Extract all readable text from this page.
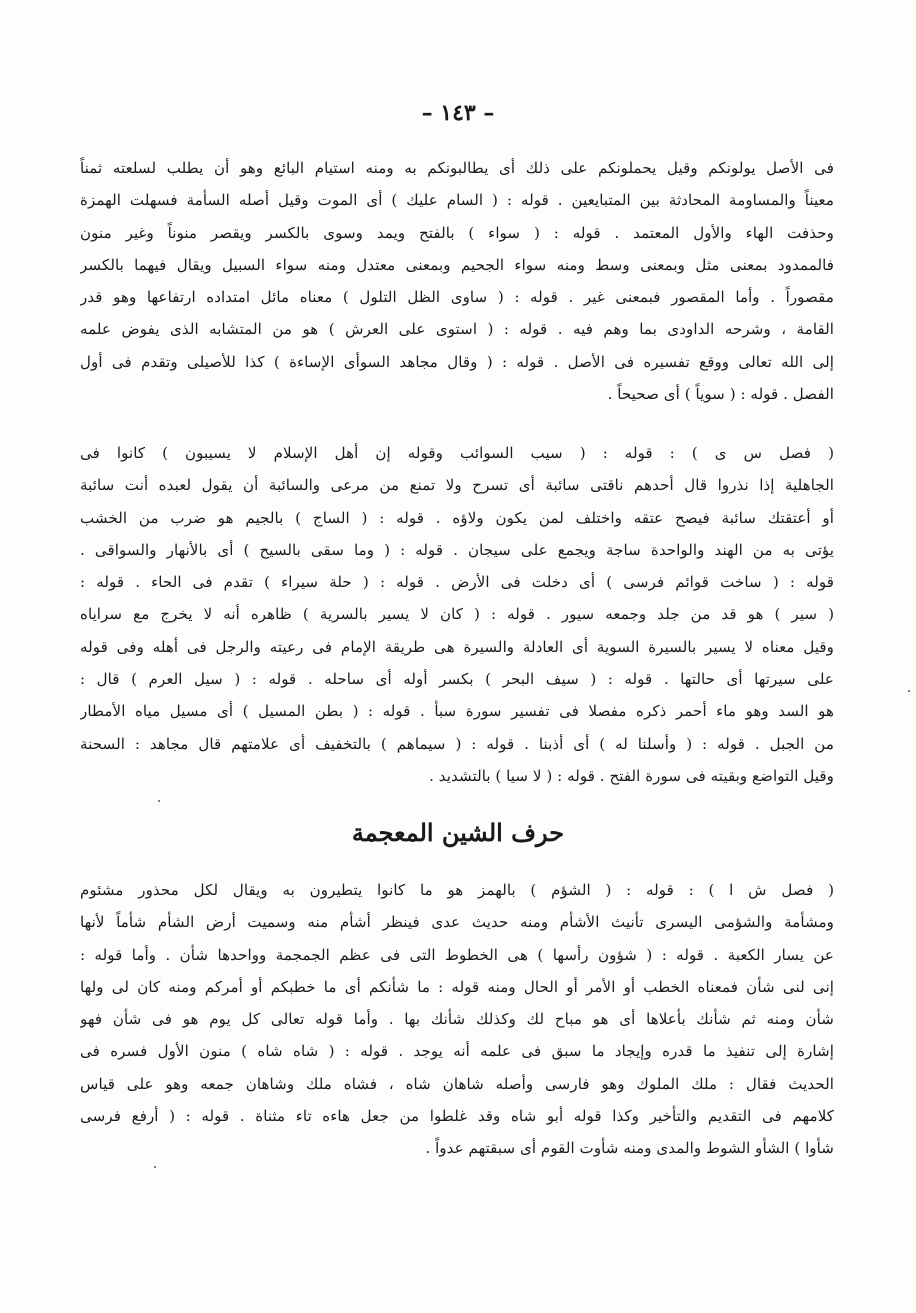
– ١٤٣ –
فى الأصل يولونكم وقيل يحملونكم على ذلك أى يطالبونكم به ومنه استيام البائع وهو أن يطلب لسلعته ثمناً
معيناً والمساومة المحادثة بين المتبايعين . قوله : ( السام عليك ) أى الموت وقيل أصله السأمة فسهلت الهمزة
وحذفت الهاء والأول المعتمد . قوله : ( سواء ) بالفتح ويمد وسوى بالكسر ويقصر منوناً وغير منون
فالممدود بمعنى مثل وبمعنى وسط ومنه سواء الجحيم وبمعنى معتدل ومنه سواء السبيل ويقال فيهما بالكسر
مقصوراً . وأما المقصور فبمعنى غير . قوله : ( ساوى الظل التلول ) معناه مائل امتداده ارتفاعها وهو قدر
القامة ، وشرحه الداودى بما وهم فيه . قوله : ( استوى على العرش ) هو من المتشابه الذى يفوض علمه
إلى الله تعالى ووقع تفسيره فى الأصل . قوله : ( وقال مجاهد السوأى الإساءة ) كذا للأصيلى وتقدم فى أول
الفصل . قوله : ( سوياً ) أى صحيحاً .
( فصل س ى ) : قوله : ( سيب السوائب وقوله إن أهل الإسلام لا يسيبون ) كانوا فى
الجاهلية إذا نذروا قال أحدهم ناقتى سائبة أى تسرح ولا تمنع من مرعى والسائبة أن يقول لعبده أنت سائبة
أو أعتقتك سائبة فيصح عتقه واختلف لمن يكون ولاؤه . قوله : ( الساج ) بالجيم هو ضرب من الخشب
يؤتى به من الهند والواحدة ساجة ويجمع على سيجان . قوله : ( وما سقى بالسيح ) أى بالأنهار والسواقى .
قوله : ( ساخت قوائم فرسى ) أى دخلت فى الأرض . قوله : ( حلة سيراء ) تقدم فى الحاء . قوله :
( سير ) هو قد من جلد وجمعه سيور . قوله : ( كان لا يسير بالسرية ) ظاهره أنه لا يخرج مع سراياه
وقيل معناه لا يسير بالسيرة السوية أى العادلة والسيرة هى طريقة الإمام فى رعيته والرجل فى أهله وفى قوله
على سيرتها أى حالتها . قوله : ( سيف البحر ) بكسر أوله أى ساحله . قوله : ( سيل العرم ) قال :
هو السد وهو ماء أحمر ذكره مفصلا فى تفسير سورة سبأ . قوله : ( بطن المسيل ) أى مسيل مياه الأمطار
من الجبل . قوله : ( وأسلنا له ) أى أذبنا . قوله : ( سيماهم ) بالتخفيف أى علامتهم قال مجاهد : السحنة
وقيل التواضع وبقيته فى سورة الفتح . قوله : ( لا سيا ) بالتشديد .
حرف الشين المعجمة
( فصل ش ا ) : قوله : ( الشؤم ) بالهمز هو ما كانوا يتطيرون به ويقال لكل محذور مشئوم
ومشأمة والشؤمى اليسرى تأنيث الأشأم ومنه حديث عدى فينظر أشأم منه وسميت أرض الشأم شأماً لأنها
عن يسار الكعبة . قوله : ( شؤون رأسها ) هى الخطوط التى فى عظم الجمجمة وواحدها شأن . وأما قوله :
إنى لنى شأن فمعناه الخطب أو الأمر أو الحال ومنه قوله : ما شأنكم أى ما خطبكم أو أمركم ومنه كان لى ولها
شأن ومنه ثم شأنك بأعلاها أى هو مباح لك وكذلك شأنك بها . وأما قوله تعالى كل يوم هو فى شأن فهو
إشارة إلى تنفيذ ما قدره وإيجاد ما سبق فى علمه أنه يوجد . قوله : ( شاه شاه ) منون الأول فسره فى
الحديث فقال : ملك الملوك وهو فارسى وأصله شاهان شاه ، فشاه ملك وشاهان جمعه وهو على قياس
كلامهم فى التقديم والتأخير وكذا قوله أبو شاه وقد غلطوا من جعل هاءه تاء مثناة . قوله : ( أرفع فرسى
شأوا ) الشأو الشوط والمدى ومنه شأوت القوم أى سبقتهم عدواً .
